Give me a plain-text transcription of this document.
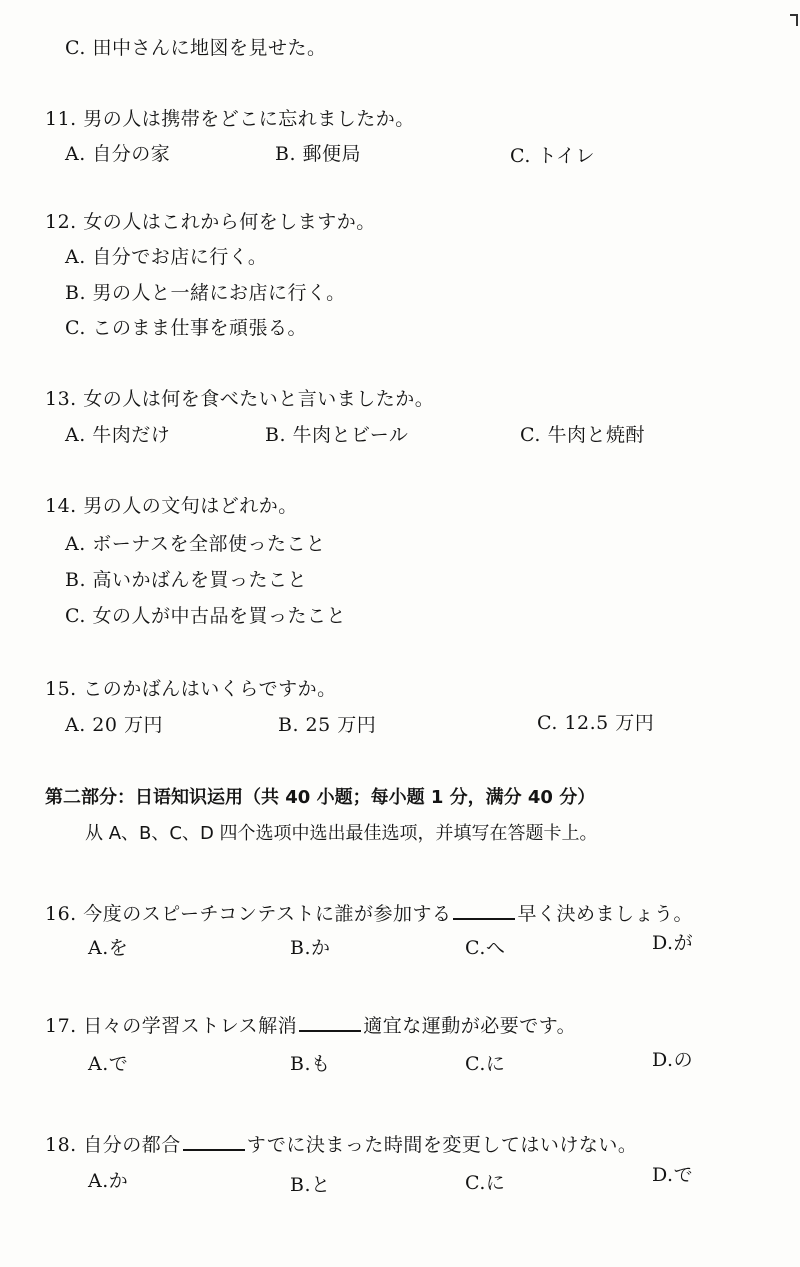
C. 田中さんに地図を見せた。
11. 男の人は携帯をどこに忘れましたか。
A. 自分の家	B. 郵便局	C. トイレ
12. 女の人はこれから何をしますか。
A. 自分でお店に行く。
B. 男の人と一緒にお店に行く。
C. このまま仕事を頑張る。
13. 女の人は何を食べたいと言いましたか。
A. 牛肉だけ	B. 牛肉とビール	C. 牛肉と焼酎
14. 男の人の文句はどれか。
A. ボーナスを全部使ったこと
B. 高いかばんを買ったこと
C. 女の人が中古品を買ったこと
15. このかばんはいくらですか。
A. 20 万円	B. 25 万円	C. 12.5 万円
第二部分：日语知识运用（共 40 小题；每小题 1 分，满分 40 分）
从 A、B、C、D 四个选项中选出最佳选项，并填写在答题卡上。
16. 今度のスピーチコンテストに誰が参加する	早く決めましょう。
A.を	B.か	C.へ	D.が
17. 日々の学習ストレス解消	適宜な運動が必要です。
A.で	B.も	C.に	D.の
18. 自分の都合	すでに決まった時間を変更してはいけない。
A.か	B.と	C.に	D.で
